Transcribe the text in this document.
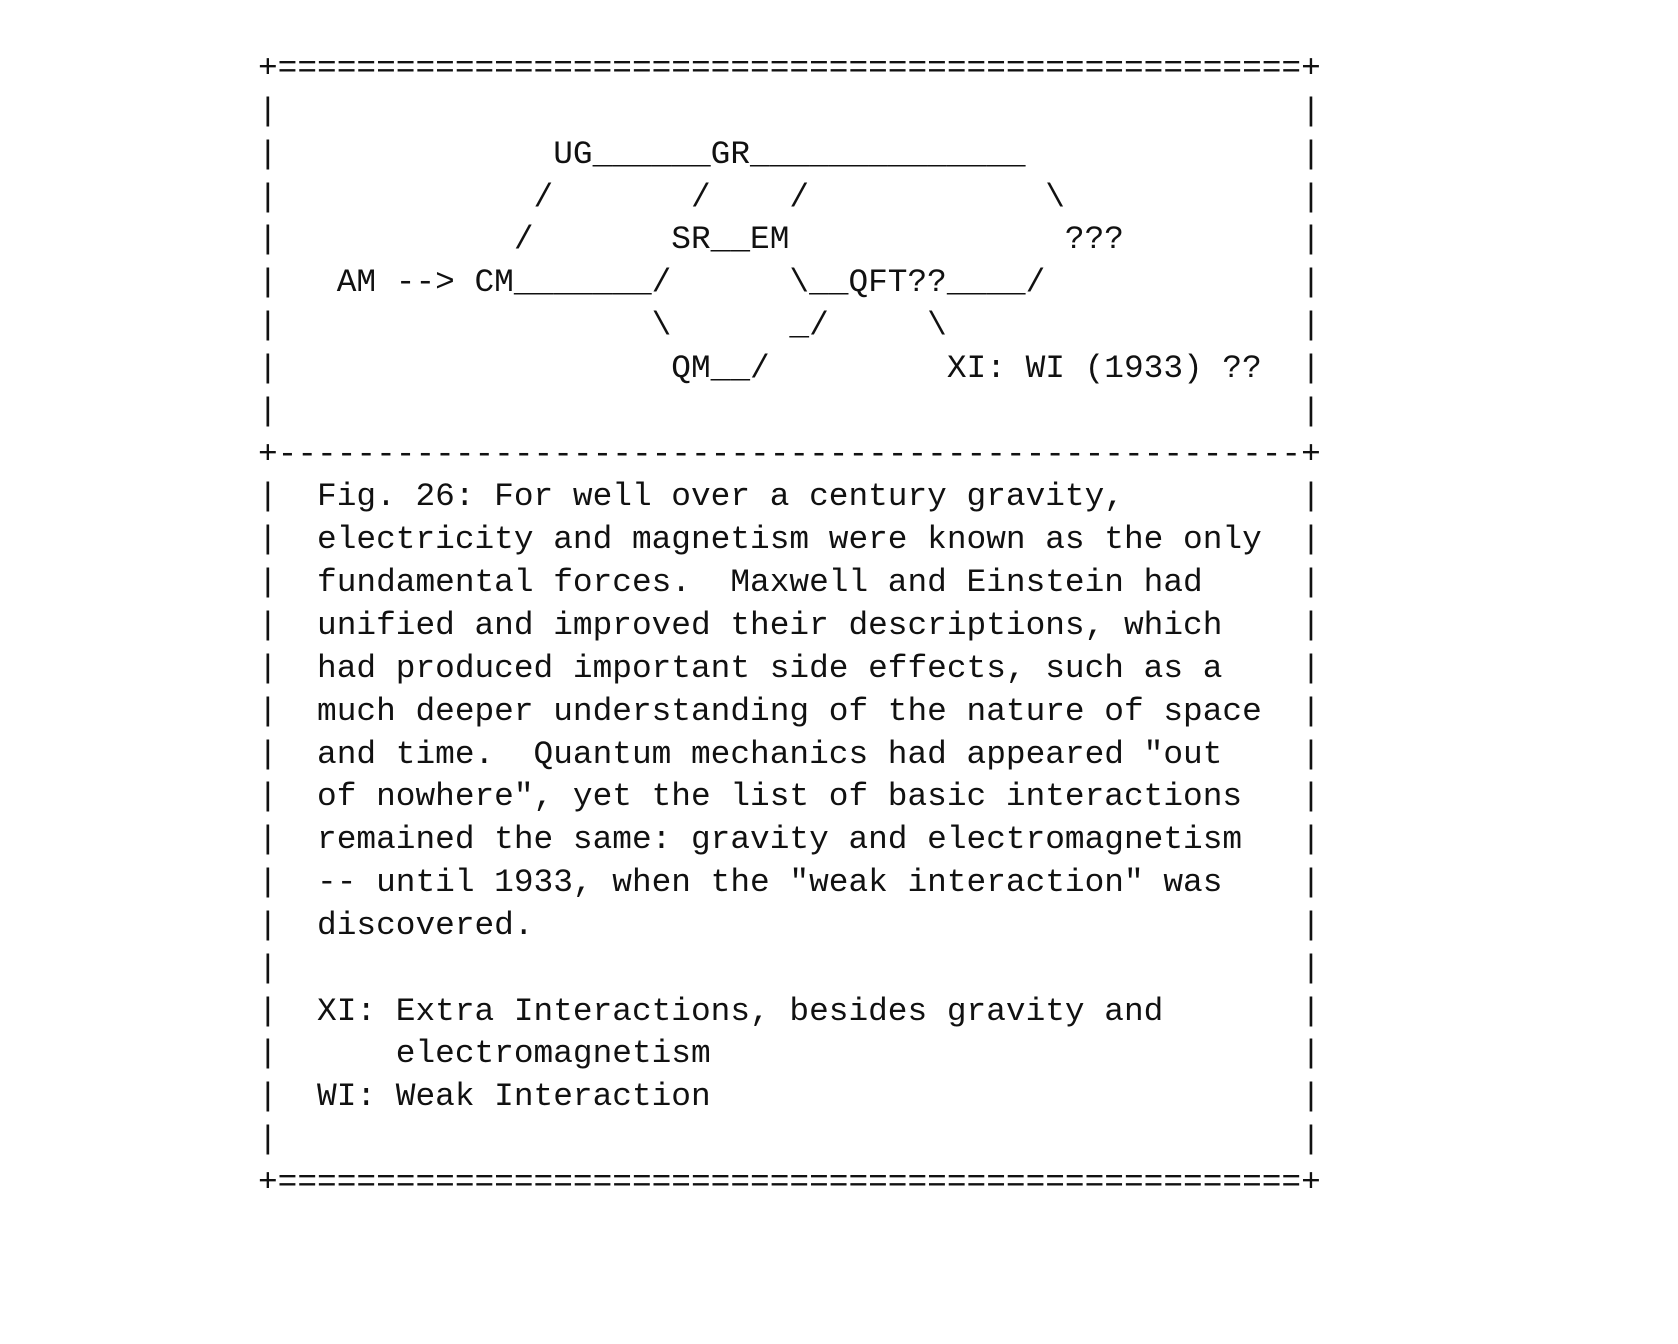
+====================================================+
|                                                    |
|              UG______GR______________              |
|             /       /    /            \            |
|            /       SR__EM              ???         |
|   AM --> CM_______/      \__QFT??____/             |
|                   \      _/     \                  |
|                    QM__/         XI: WI (1933) ??  |
|                                                    |
+----------------------------------------------------+
|  Fig. 26: For well over a century gravity,         |
|  electricity and magnetism were known as the only  |
|  fundamental forces.  Maxwell and Einstein had     |
|  unified and improved their descriptions, which    |
|  had produced important side effects, such as a    |
|  much deeper understanding of the nature of space  |
|  and time.  Quantum mechanics had appeared "out    |
|  of nowhere", yet the list of basic interactions   |
|  remained the same: gravity and electromagnetism   |
|  -- until 1933, when the "weak interaction" was    |
|  discovered.                                       |
|                                                    |
|  XI: Extra Interactions, besides gravity and       |
|      electromagnetism                              |
|  WI: Weak Interaction                              |
|                                                    |
+====================================================+
